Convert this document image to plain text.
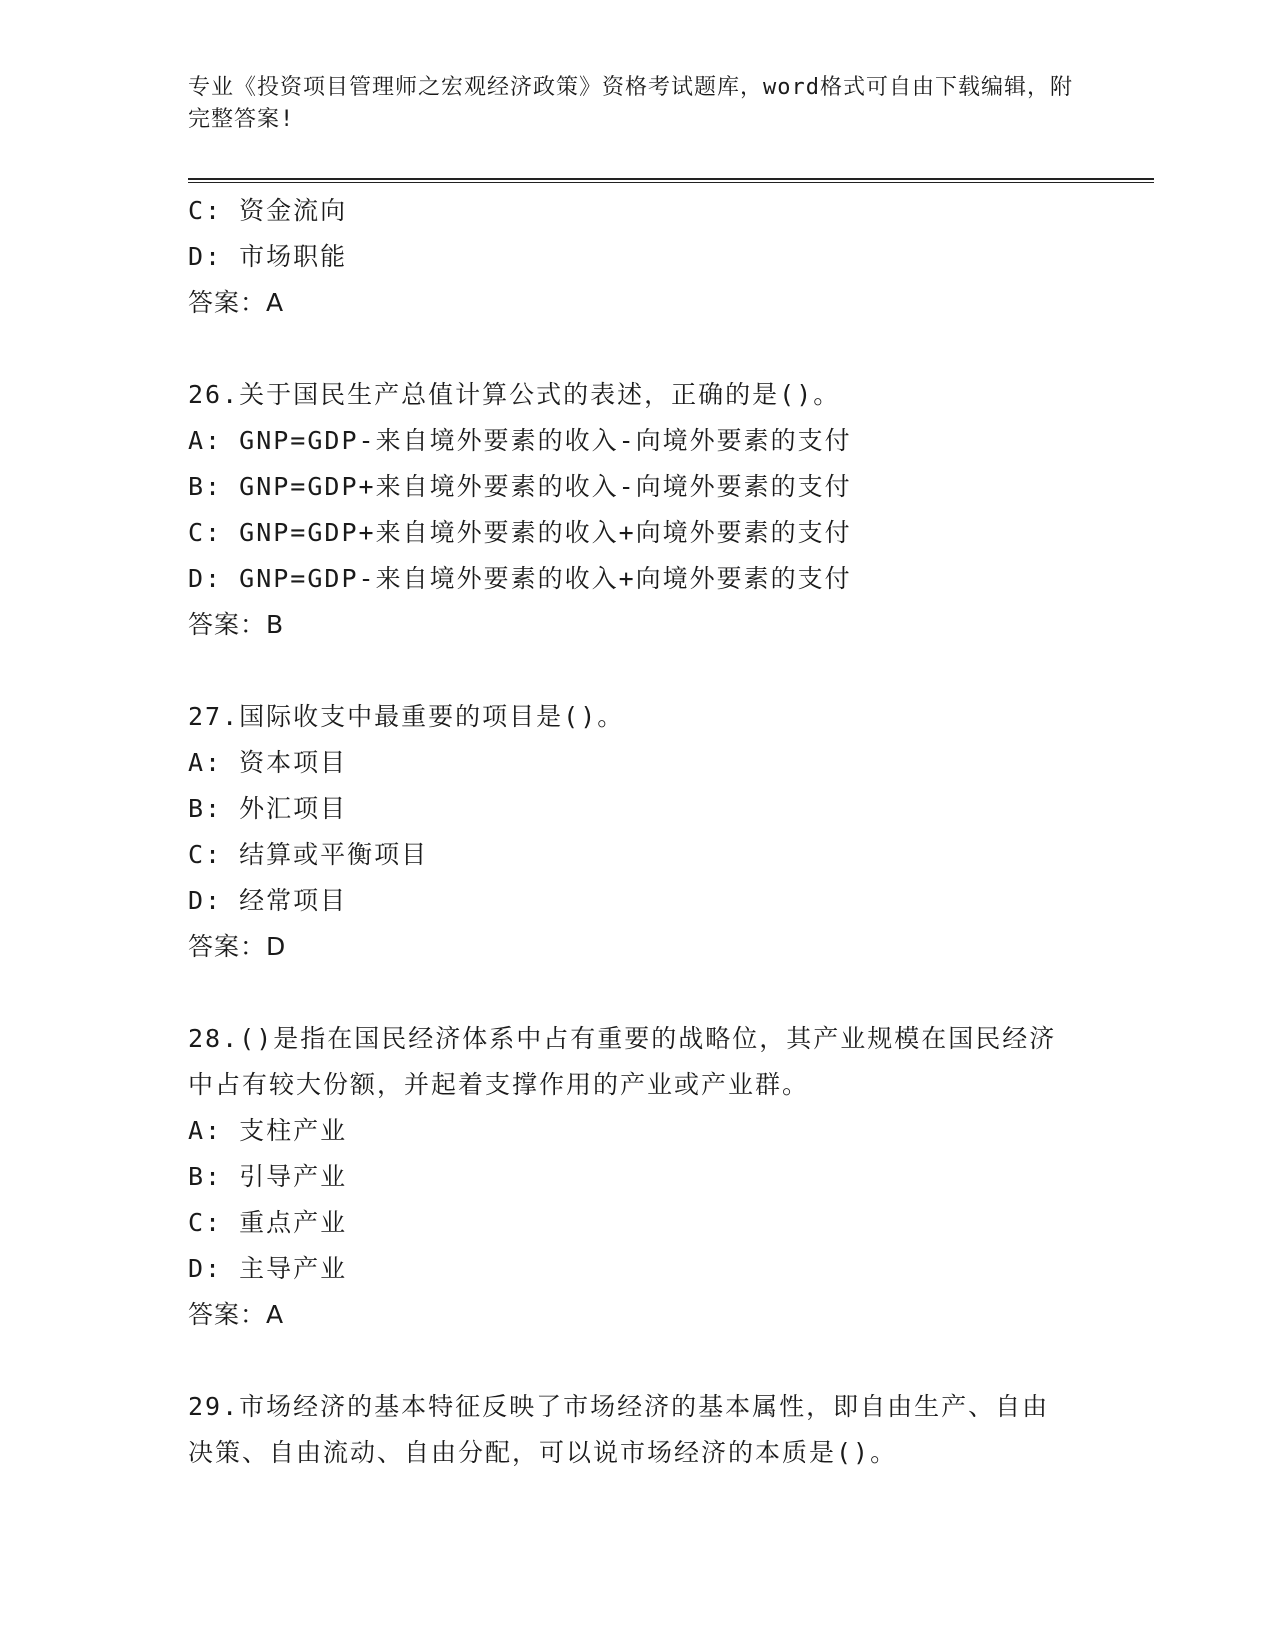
专业《投资项目管理师之宏观经济政策》资格考试题库，word格式可自由下载编辑，附完整答案!
C: 资金流向
D: 市场职能
答案：A
26.关于国民生产总值计算公式的表述，正确的是()。
A: GNP=GDP-来自境外要素的收入-向境外要素的支付
B: GNP=GDP+来自境外要素的收入-向境外要素的支付
C: GNP=GDP+来自境外要素的收入+向境外要素的支付
D: GNP=GDP-来自境外要素的收入+向境外要素的支付
答案：B
27.国际收支中最重要的项目是()。
A: 资本项目
B: 外汇项目
C: 结算或平衡项目
D: 经常项目
答案：D
28.()是指在国民经济体系中占有重要的战略位，其产业规模在国民经济中占有较大份额，并起着支撑作用的产业或产业群。
A: 支柱产业
B: 引导产业
C: 重点产业
D: 主导产业
答案：A
29.市场经济的基本特征反映了市场经济的基本属性，即自由生产、自由决策、自由流动、自由分配，可以说市场经济的本质是()。
